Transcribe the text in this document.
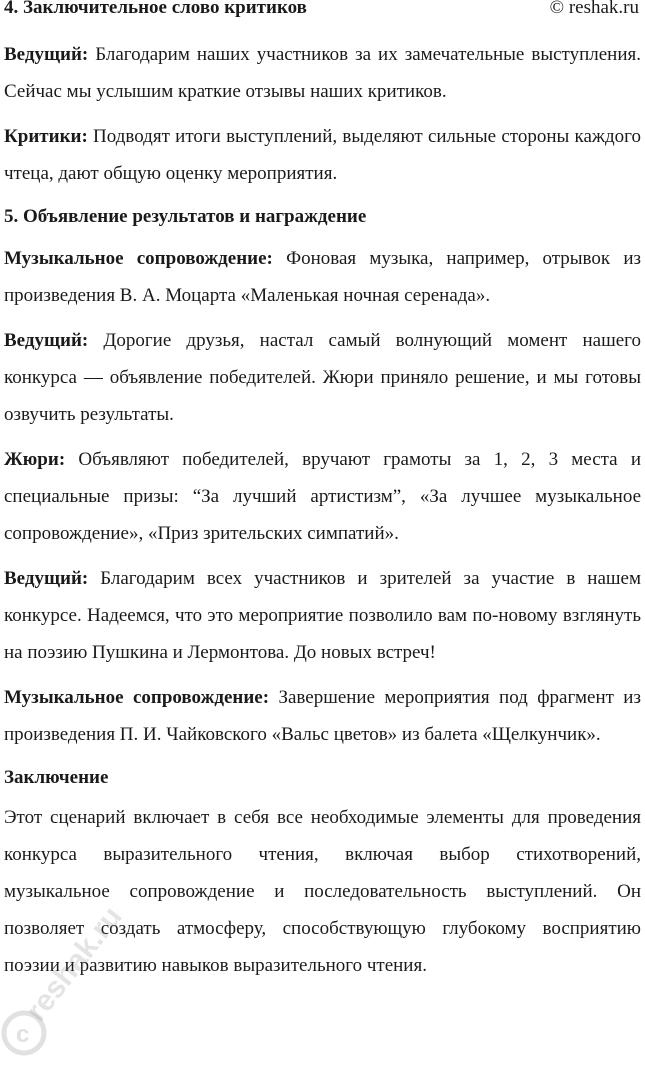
4. Заключительное слово критиков	© reshak.ru

Ведущий: Благодарим наших участников за их замечательные выступления. Сейчас мы услышим краткие отзывы наших критиков.

Критики: Подводят итоги выступлений, выделяют сильные стороны каждого чтеца, дают общую оценку мероприятия.

5. Объявление результатов и награждение

Музыкальное сопровождение: Фоновая музыка, например, отрывок из произведения В. А. Моцарта «Маленькая ночная серенада».

Ведущий: Дорогие друзья, настал самый волнующий момент нашего конкурса — объявление победителей. Жюри приняло решение, и мы готовы озвучить результаты.

Жюри: Объявляют победителей, вручают грамоты за 1, 2, 3 места и специальные призы: “За лучший артистизм”, «За лучшее музыкальное сопровождение», «Приз зрительских симпатий».

Ведущий: Благодарим всех участников и зрителей за участие в нашем конкурсе. Надеемся, что это мероприятие позволило вам по-новому взглянуть на поэзию Пушкина и Лермонтова. До новых встреч!

Музыкальное сопровождение: Завершение мероприятия под фрагмент из произведения П. И. Чайковского «Вальс цветов» из балета «Щелкунчик».

Заключение

Этот сценарий включает в себя все необходимые элементы для проведения конкурса выразительного чтения, включая выбор стихотворений, музыкальное сопровождение и последовательность выступлений. Он позволяет создать атмосферу, способствующую глубокому восприятию поэзии и развитию навыков выразительного чтения.

c
reshak.ru
